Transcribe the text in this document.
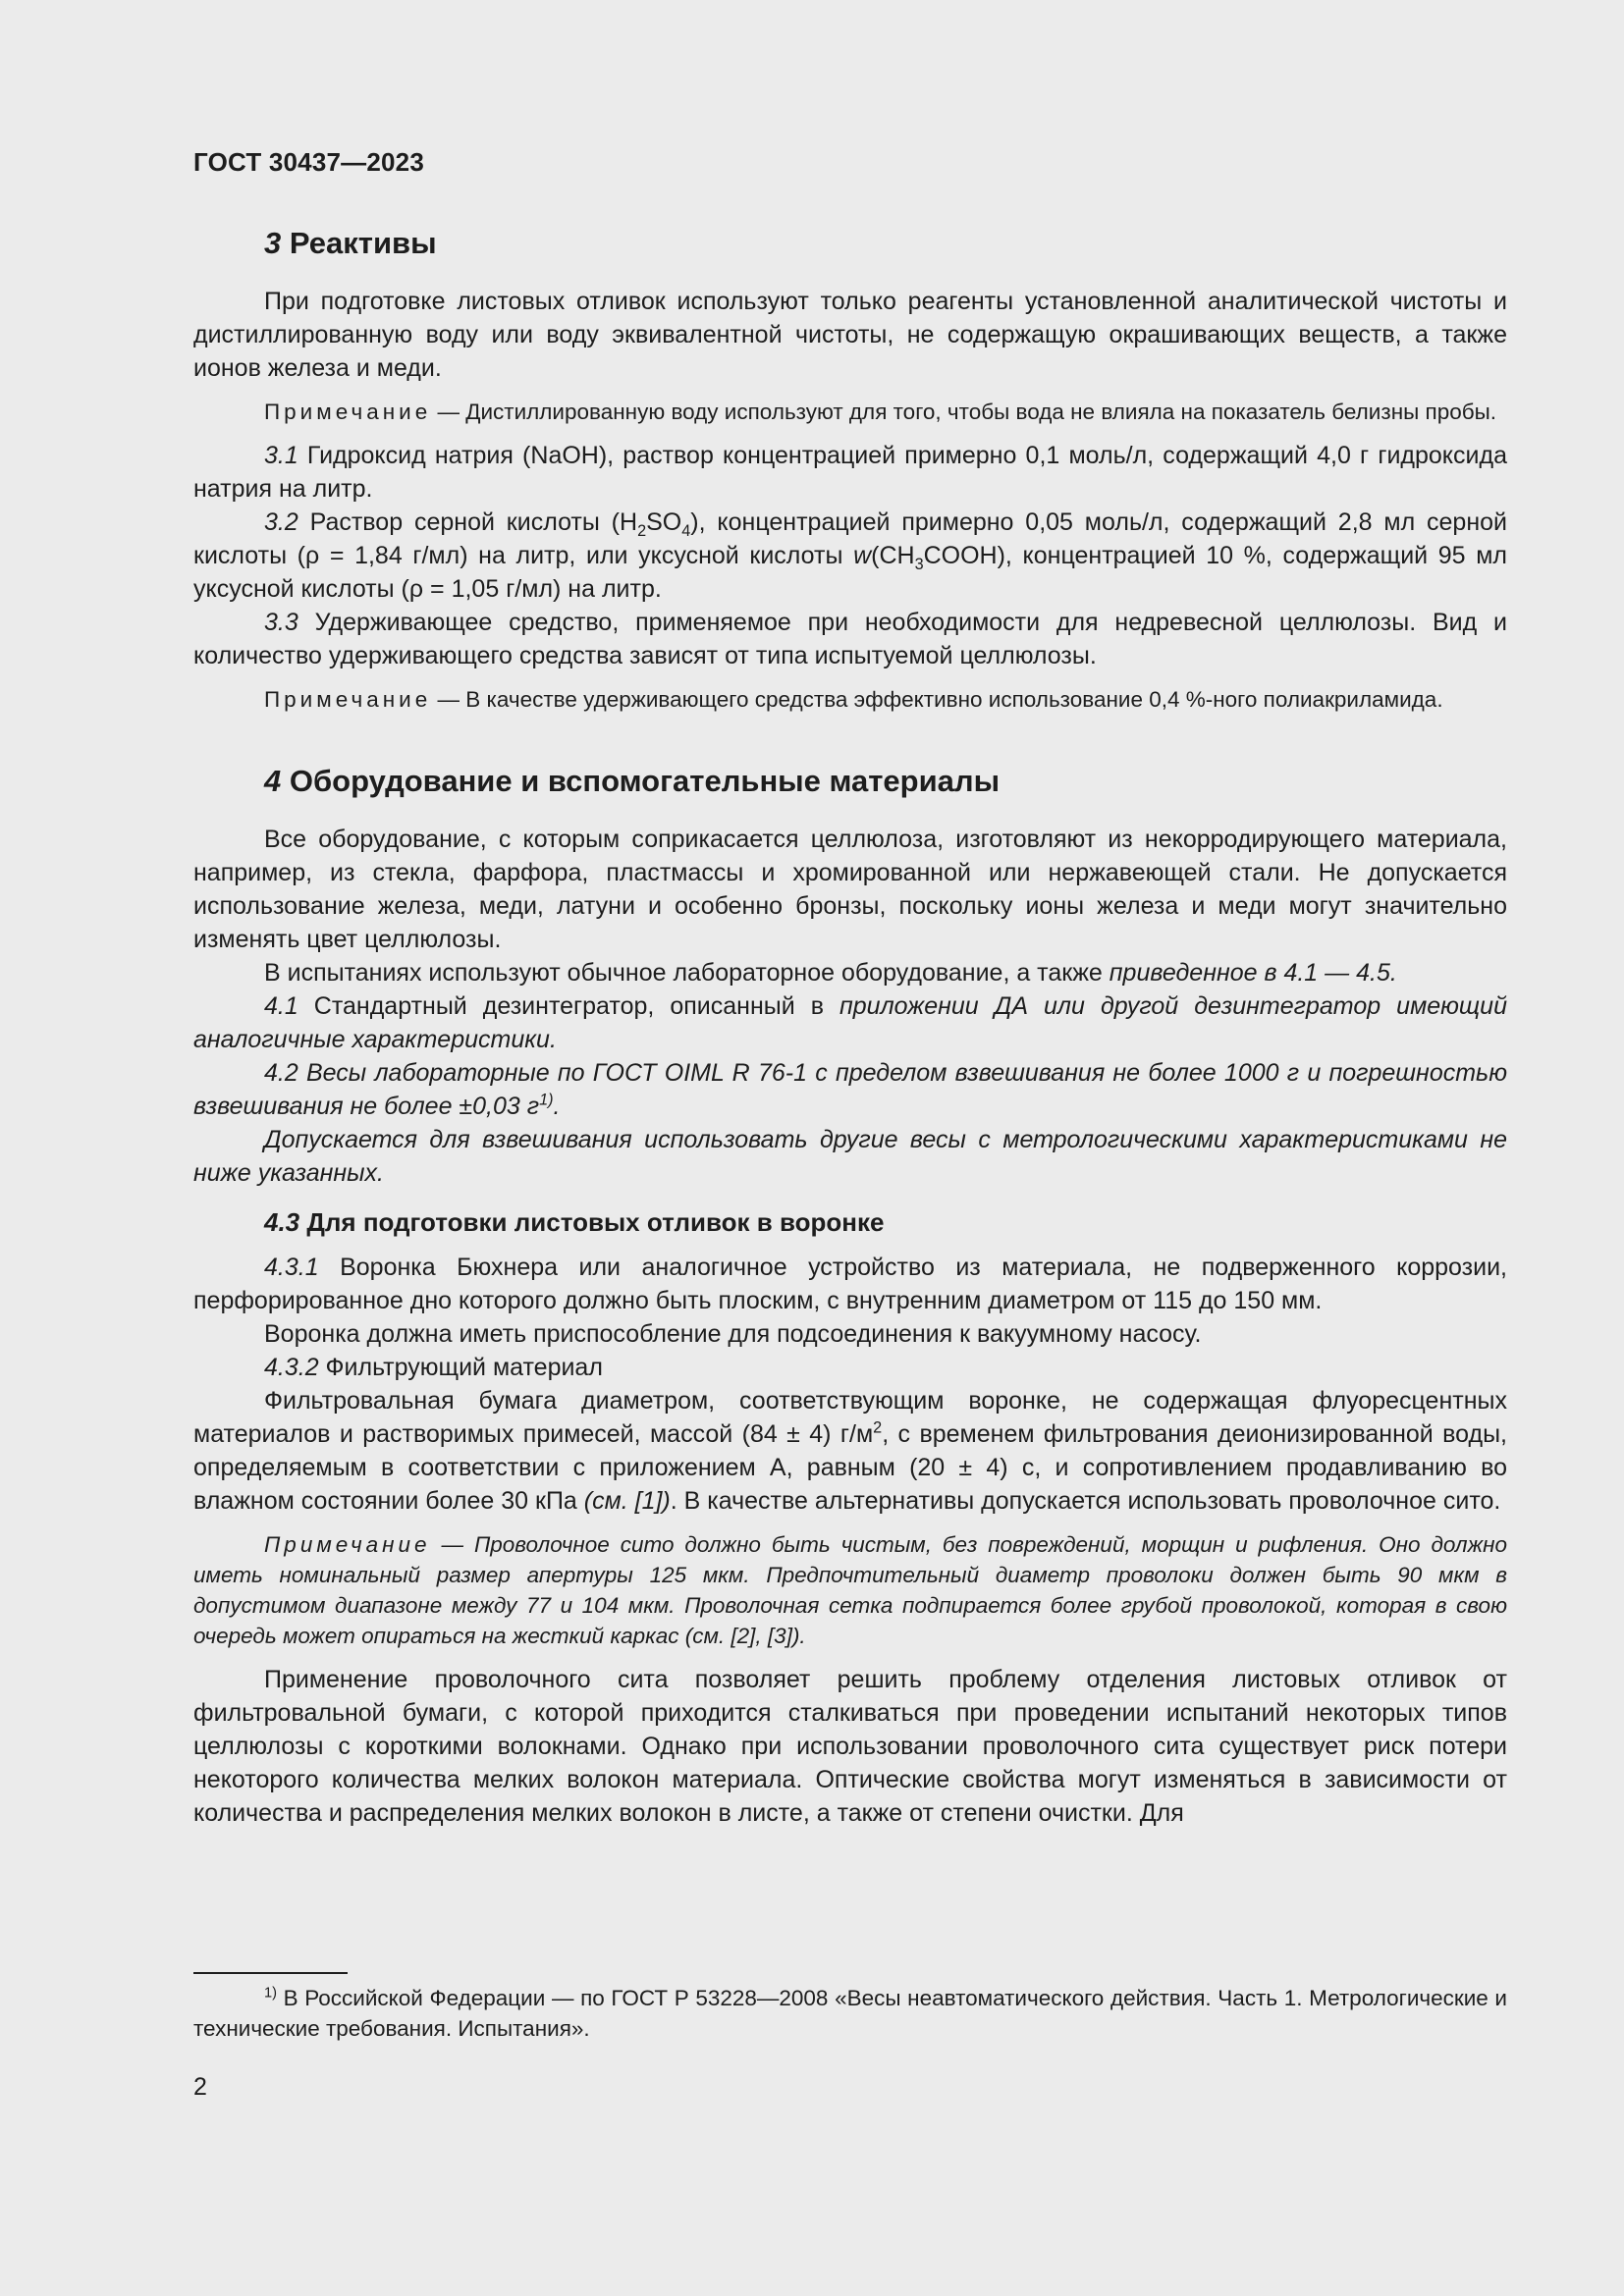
ГОСТ 30437—2023
3 Реактивы

При подготовке листовых отливок используют только реагенты установленной аналитической чистоты и дистиллированную воду или воду эквивалентной чистоты, не содержащую окрашивающих веществ, а также ионов железа и меди.

Примечание — Дистиллированную воду используют для того, чтобы вода не влияла на показатель белизны пробы.

3.1 Гидроксид натрия (NaOH), раствор концентрацией примерно 0,1 моль/л, содержащий 4,0 г гидроксида натрия на литр.

3.2 Раствор серной кислоты $(H_2SO_4)$, концентрацией примерно 0,05 моль/л, содержащий 2,8 мл серной кислоты (ρ = 1,84 г/мл) на литр, или уксусной кислоты $w(CH_3COOH)$, концентрацией 10 %, содержащий 95 мл уксусной кислоты (ρ = 1,05 г/мл) на литр.

3.3 Удерживающее средство, применяемое при необходимости для недревесной целлюлозы. Вид и количество удерживающего средства зависят от типа испытуемой целлюлозы.

Примечание — В качестве удерживающего средства эффективно использование 0,4 %-ного полиакриламида.
4 Оборудование и вспомогательные материалы

Все оборудование, с которым соприкасается целлюлоза, изготовляют из некорродирующего материала, например, из стекла, фарфора, пластмассы и хромированной или нержавеющей стали. Не допускается использование железа, меди, латуни и особенно бронзы, поскольку ионы железа и меди могут значительно изменять цвет целлюлозы.

В испытаниях используют обычное лабораторное оборудование, а также приведенное в 4.1 — 4.5.

4.1 Стандартный дезинтегратор, описанный в приложении ДА или другой дезинтегратор имеющий аналогичные характеристики.

4.2 Весы лабораторные по ГОСТ OIML R 76-1 с пределом взвешивания не более 1000 г и погрешностью взвешивания не более ±0,03 $г^{1)}$.

Допускается для взвешивания использовать другие весы с метрологическими характеристиками не ниже указанных.

4.3 Для подготовки листовых отливок в воронке

4.3.1 Воронка Бюхнера или аналогичное устройство из материала, не подверженного коррозии, перфорированное дно которого должно быть плоским, с внутренним диаметром от 115 до 150 мм.

Воронка должна иметь приспособление для подсоединения к вакуумному насосу.

4.3.2 Фильтрующий материал

Фильтровальная бумага диаметром, соответствующим воронке, не содержащая флуоресцентных материалов и растворимых примесей, массой (84 ± 4) $г/м^2$, с временем фильтрования деионизированной воды, определяемым в соответствии с приложением А, равным (20 ± 4) с, и сопротивлением продавливанию во влажном состоянии более 30 кПа (см. [1]). В качестве альтернативы допускается использовать проволочное сито.

Примечание — Проволочное сито должно быть чистым, без повреждений, морщин и рифления. Оно должно иметь номинальный размер апертуры 125 мкм. Предпочтительный диаметр проволоки должен быть 90 мкм в допустимом диапазоне между 77 и 104 мкм. Проволочная сетка подпирается более грубой проволокой, которая в свою очередь может опираться на жесткий каркас (см. [2], [3]).

Применение проволочного сита позволяет решить проблему отделения листовых отливок от фильтровальной бумаги, с которой приходится сталкиваться при проведении испытаний некоторых типов целлюлозы с короткими волокнами. Однако при использовании проволочного сита существует риск потери некоторого количества мелких волокон материала. Оптические свойства могут изменяться в зависимости от количества и распределения мелких волокон в листе, а также от степени очистки. Для

$^{1)}$ В Российской Федерации — по ГОСТ Р 53228—2008 «Весы неавтоматического действия. Часть 1. Метрологические и технические требования. Испытания».
2
